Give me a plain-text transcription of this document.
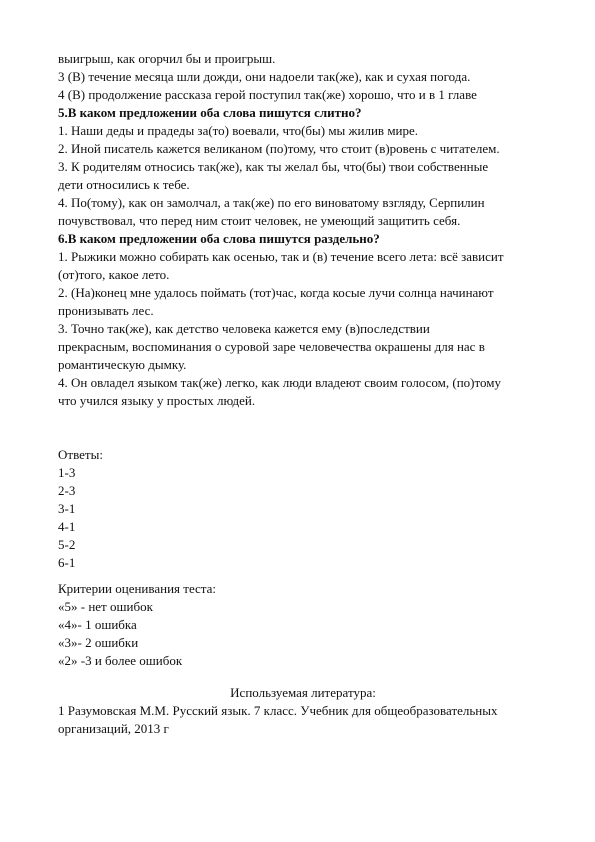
выигрыш, как огорчил бы и проигрыш.
3 (В) течение месяца шли дожди, они надоели так(же), как и сухая погода.
4 (В) продолжение рассказа герой поступил так(же) хорошо, что и в 1 главе
5.В каком предложении оба слова пишутся слитно?
1. Наши деды и прадеды за(то) воевали, что(бы) мы жилив мире.
2. Иной писатель кажется великаном (по)тому, что стоит (в)ровень с читателем.
3. К родителям относись так(же), как ты желал бы, что(бы) твои собственные
дети относились к тебе.
4. По(тому), как он замолчал, а так(же) по его виноватому взгляду, Серпилин
почувствовал, что перед ним стоит человек, не умеющий защитить себя.
6.В каком предложении оба слова пишутся раздельно?
1. Рыжики можно собирать как осенью, так и (в) течение всего лета: всё зависит
(от)того, какое лето.
2. (На)конец мне удалось поймать (тот)час, когда косые лучи солнца начинают
пронизывать лес.
3. Точно так(же), как детство человека кажется ему (в)последствии
прекрасным, воспоминания о суровой заре человечества окрашены для нас в
романтическую дымку.
4. Он овладел языком так(же) легко, как люди владеют своим голосом, (по)тому
что учился языку у простых людей.
Ответы:
1-3
2-3
3-1
4-1
5-2
6-1
Критерии оценивания теста:
«5» - нет ошибок
«4»- 1 ошибка
«3»- 2 ошибки
«2» -3 и более ошибок
Используемая литература:
1 Разумовская М.М. Русский язык. 7 класс. Учебник для общеобразовательных
организаций, 2013 г
